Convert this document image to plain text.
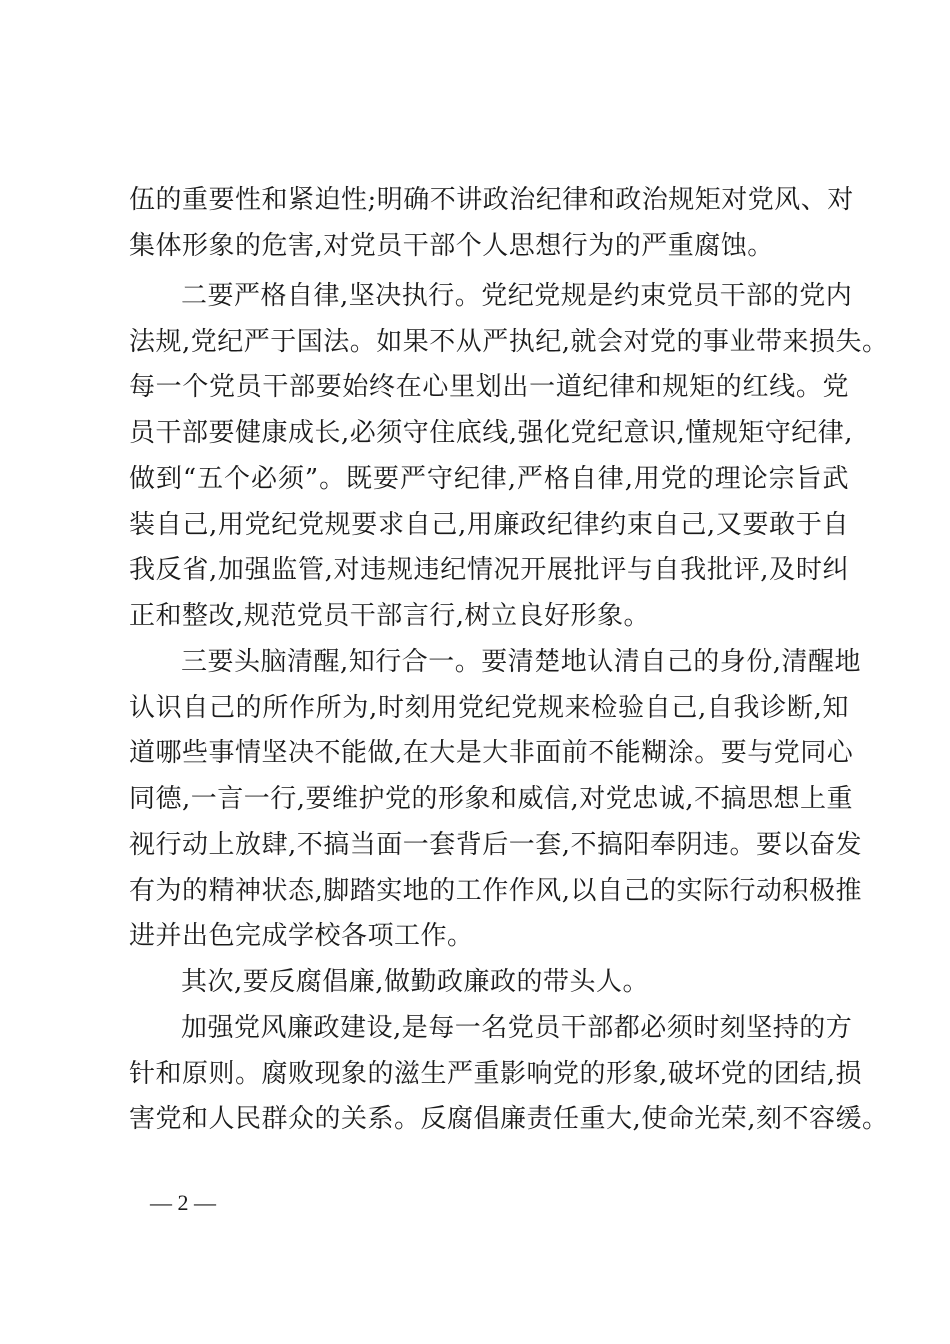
伍的重要性和紧迫性;明确不讲政治纪律和政治规矩对党风、对
集体形象的危害,对党员干部个人思想行为的严重腐蚀。
二要严格自律,坚决执行。党纪党规是约束党员干部的党内
法规,党纪严于国法。如果不从严执纪,就会对党的事业带来损失。
每一个党员干部要始终在心里划出一道纪律和规矩的红线。党
员干部要健康成长,必须守住底线,强化党纪意识,懂规矩守纪律,
做到“五个必须”。既要严守纪律,严格自律,用党的理论宗旨武
装自己,用党纪党规要求自己,用廉政纪律约束自己,又要敢于自
我反省,加强监管,对违规违纪情况开展批评与自我批评,及时纠
正和整改,规范党员干部言行,树立良好形象。
三要头脑清醒,知行合一。要清楚地认清自己的身份,清醒地
认识自己的所作所为,时刻用党纪党规来检验自己,自我诊断,知
道哪些事情坚决不能做,在大是大非面前不能糊涂。要与党同心
同德,一言一行,要维护党的形象和威信,对党忠诚,不搞思想上重
视行动上放肆,不搞当面一套背后一套,不搞阳奉阴违。要以奋发
有为的精神状态,脚踏实地的工作作风,以自己的实际行动积极推
进并出色完成学校各项工作。
其次,要反腐倡廉,做勤政廉政的带头人。
加强党风廉政建设,是每一名党员干部都必须时刻坚持的方
针和原则。腐败现象的滋生严重影响党的形象,破坏党的团结,损
害党和人民群众的关系。反腐倡廉责任重大,使命光荣,刻不容缓。
— 2 —
